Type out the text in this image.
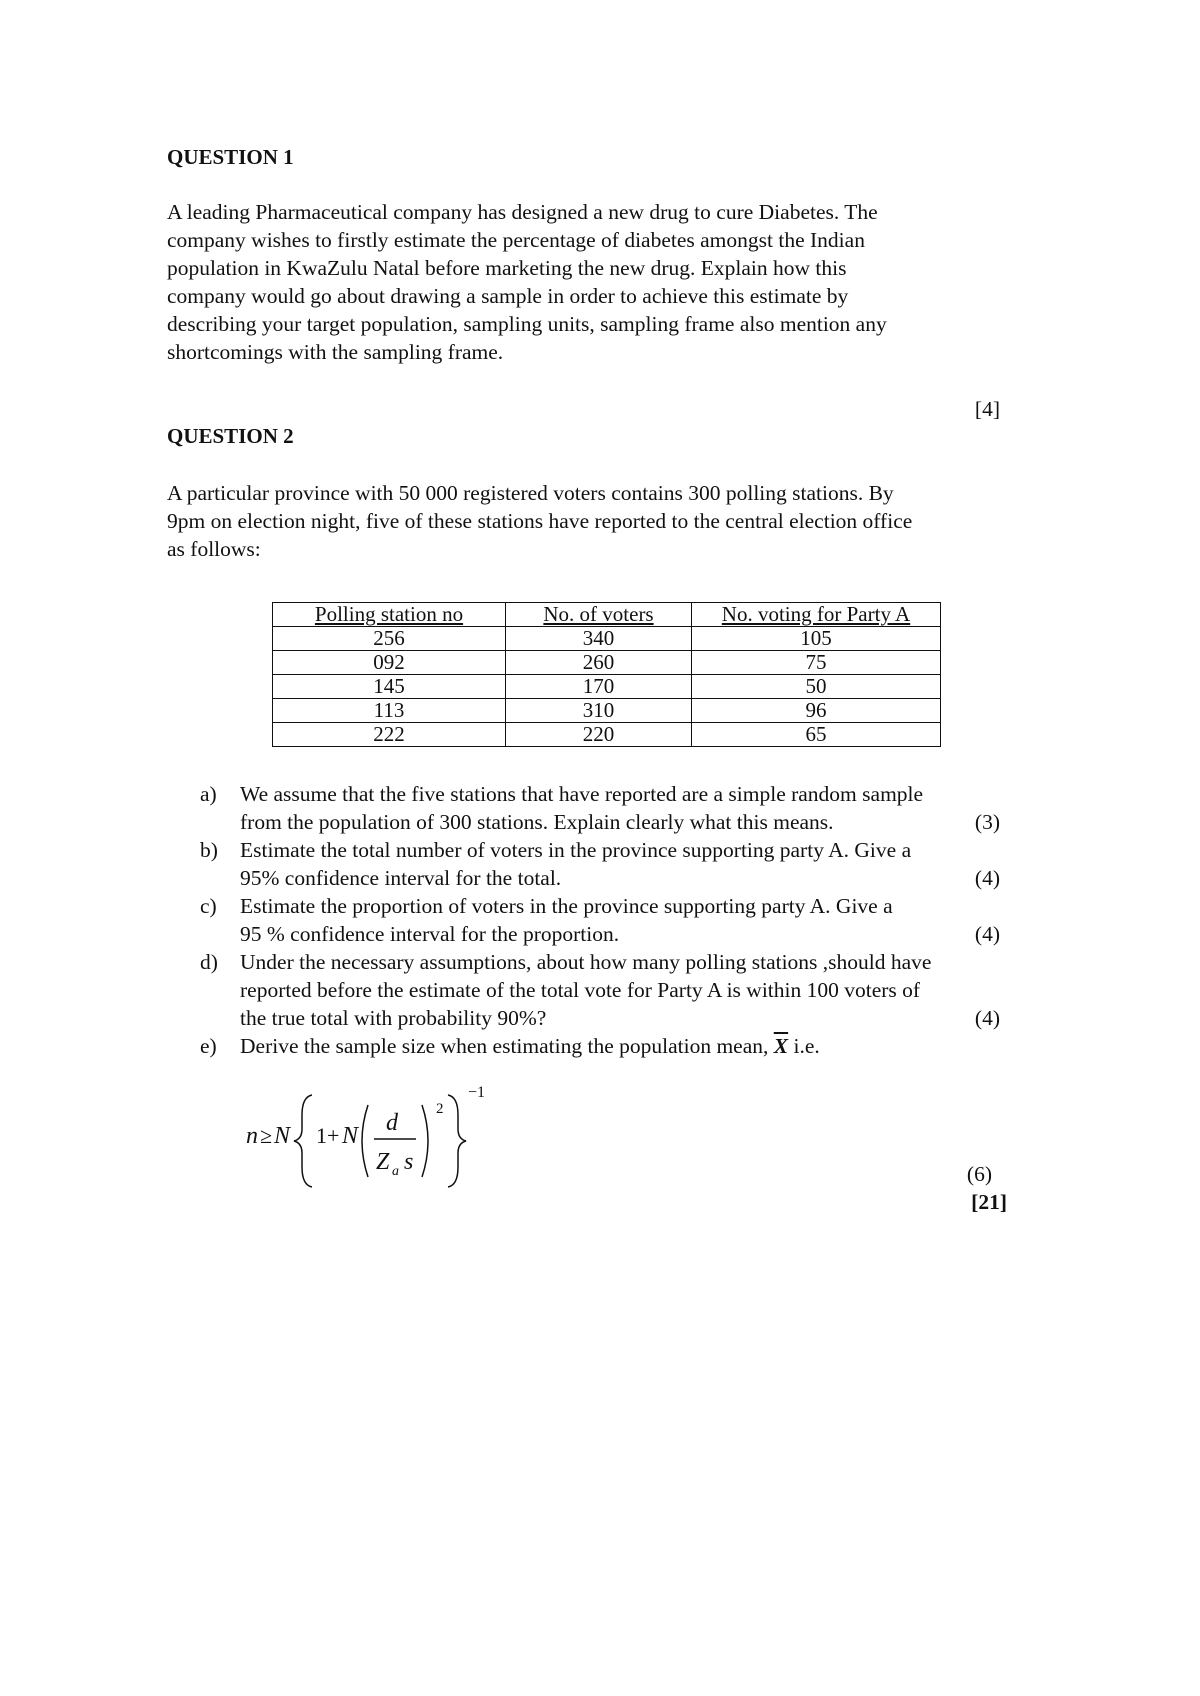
QUESTION 1
A leading Pharmaceutical company has designed a new drug to cure Diabetes. The
company wishes to firstly estimate the percentage of diabetes amongst the Indian
population in KwaZulu Natal before marketing the new drug. Explain how this
company would go about drawing a sample in order to achieve this estimate by
describing your target population, sampling units, sampling frame also mention any
shortcomings with the sampling frame.
[4]
QUESTION 2
A particular province with 50 000 registered voters contains 300 polling stations. By
9pm on election night, five of these stations have reported to the central election office
as follows:
Polling station no	No. of voters	No. voting for Party A
256	340	105
092	260	75
145	170	50
113	310	96
222	220	65
a) We assume that the five stations that have reported are a simple random sample
from the population of 300 stations. Explain clearly what this means.	(3)
b) Estimate the total number of voters in the province supporting party A. Give a
95% confidence interval for the total.	(4)
c) Estimate the proportion of voters in the province supporting party A. Give a
95 % confidence interval for the proportion.	(4)
d) Under the necessary assumptions, about how many polling stations ,should have
reported before the estimate of the total vote for Party A is within 100 voters of
the true total with probability 90%?	(4)
e) Derive the sample size when estimating the population mean, $\overline{X}$ i.e.
n ≥ N 1+ N d
Z a s
2
−1
(6)
[21]
